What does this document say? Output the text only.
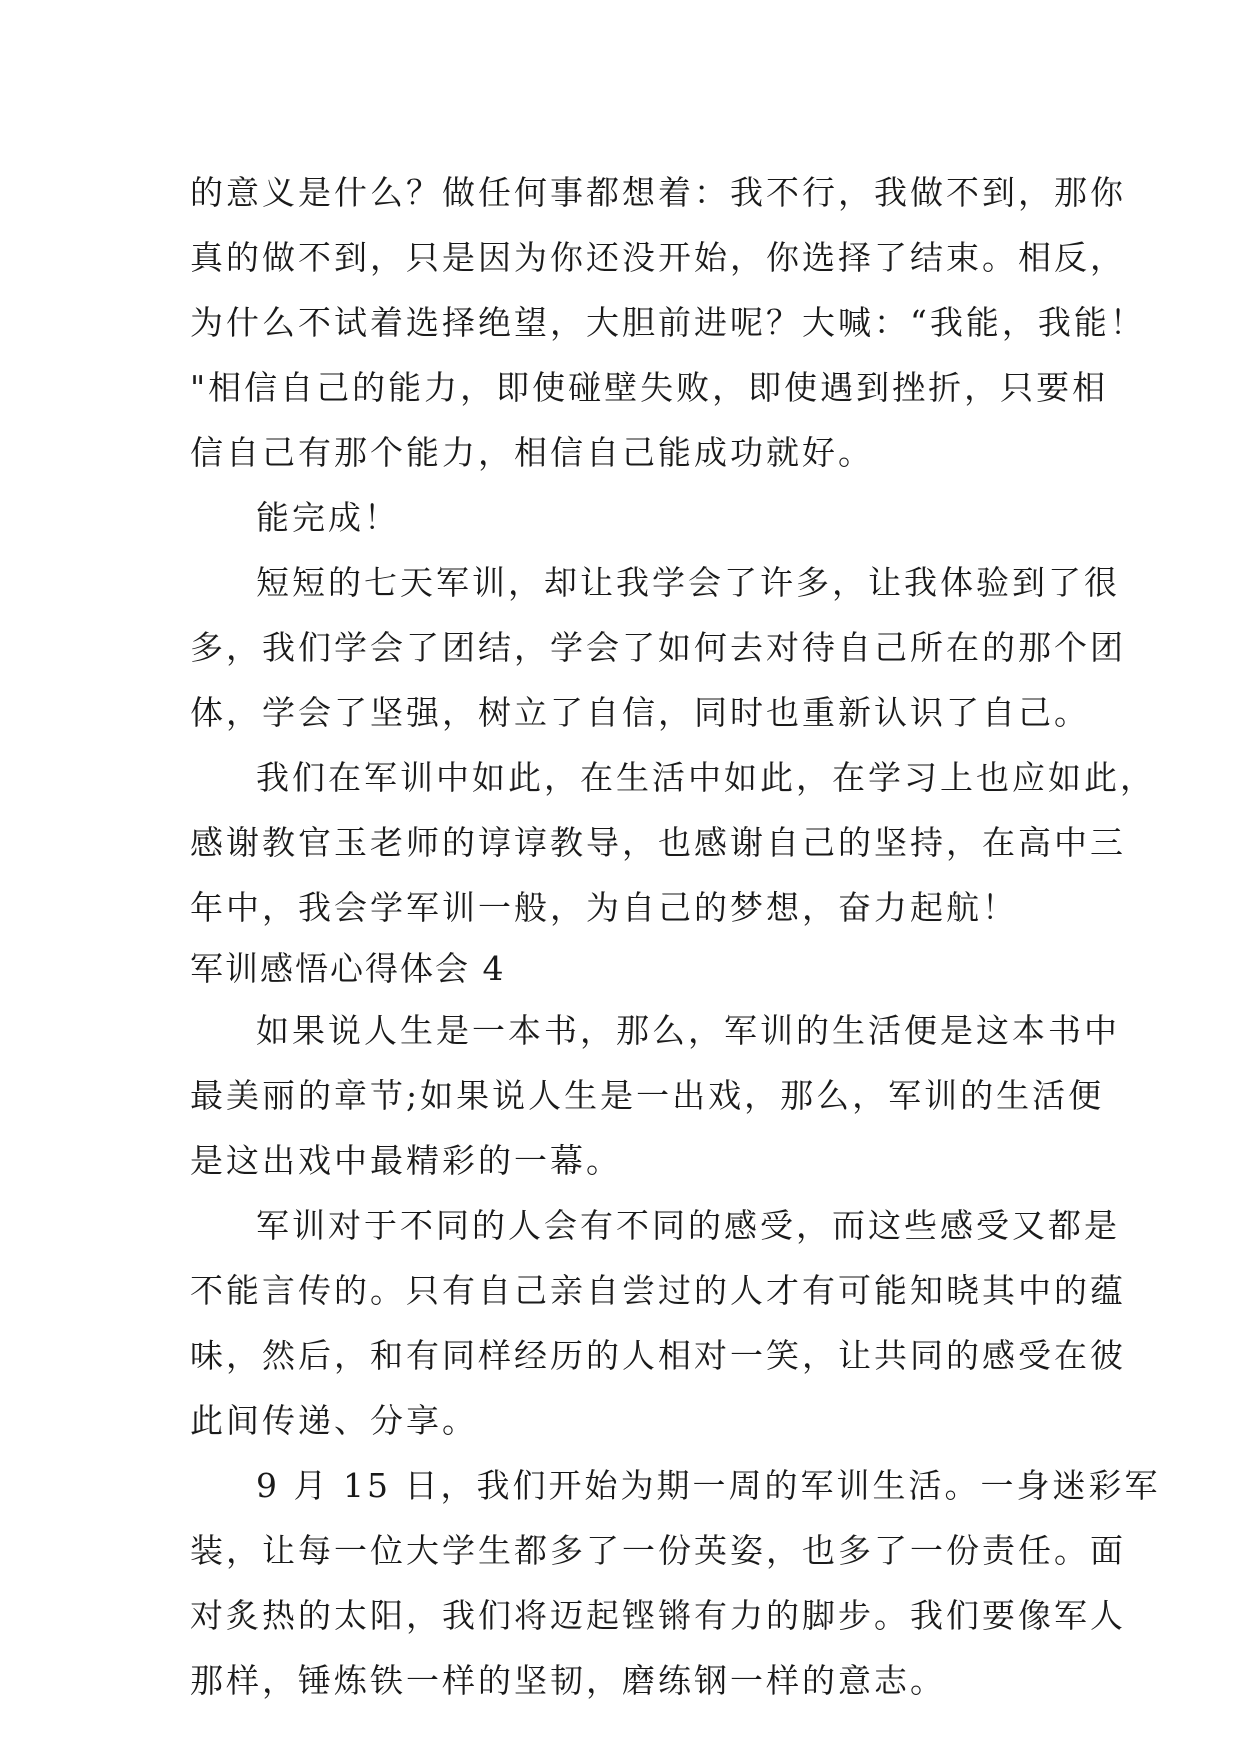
的意义是什么？做任何事都想着：我不行，我做不到，那你
真的做不到，只是因为你还没开始，你选择了结束。相反，
为什么不试着选择绝望，大胆前进呢？大喊：“我能，我能！
"相信自己的能力，即使碰壁失败，即使遇到挫折，只要相
信自己有那个能力，相信自己能成功就好。
能完成！
短短的七天军训，却让我学会了许多，让我体验到了很
多，我们学会了团结，学会了如何去对待自己所在的那个团
体，学会了坚强，树立了自信，同时也重新认识了自己。
我们在军训中如此，在生活中如此，在学习上也应如此，
感谢教官玉老师的谆谆教导，也感谢自己的坚持，在高中三
年中，我会学军训一般，为自己的梦想，奋力起航！
军训感悟心得体会 4
如果说人生是一本书，那么，军训的生活便是这本书中
最美丽的章节;如果说人生是一出戏，那么，军训的生活便
是这出戏中最精彩的一幕。
军训对于不同的人会有不同的感受，而这些感受又都是
不能言传的。只有自己亲自尝过的人才有可能知晓其中的蕴
味，然后，和有同样经历的人相对一笑，让共同的感受在彼
此间传递、分享。
9 月 15 日，我们开始为期一周的军训生活。一身迷彩军
装，让每一位大学生都多了一份英姿，也多了一份责任。面
对炙热的太阳，我们将迈起铿锵有力的脚步。我们要像军人
那样，锤炼铁一样的坚韧，磨练钢一样的意志。
